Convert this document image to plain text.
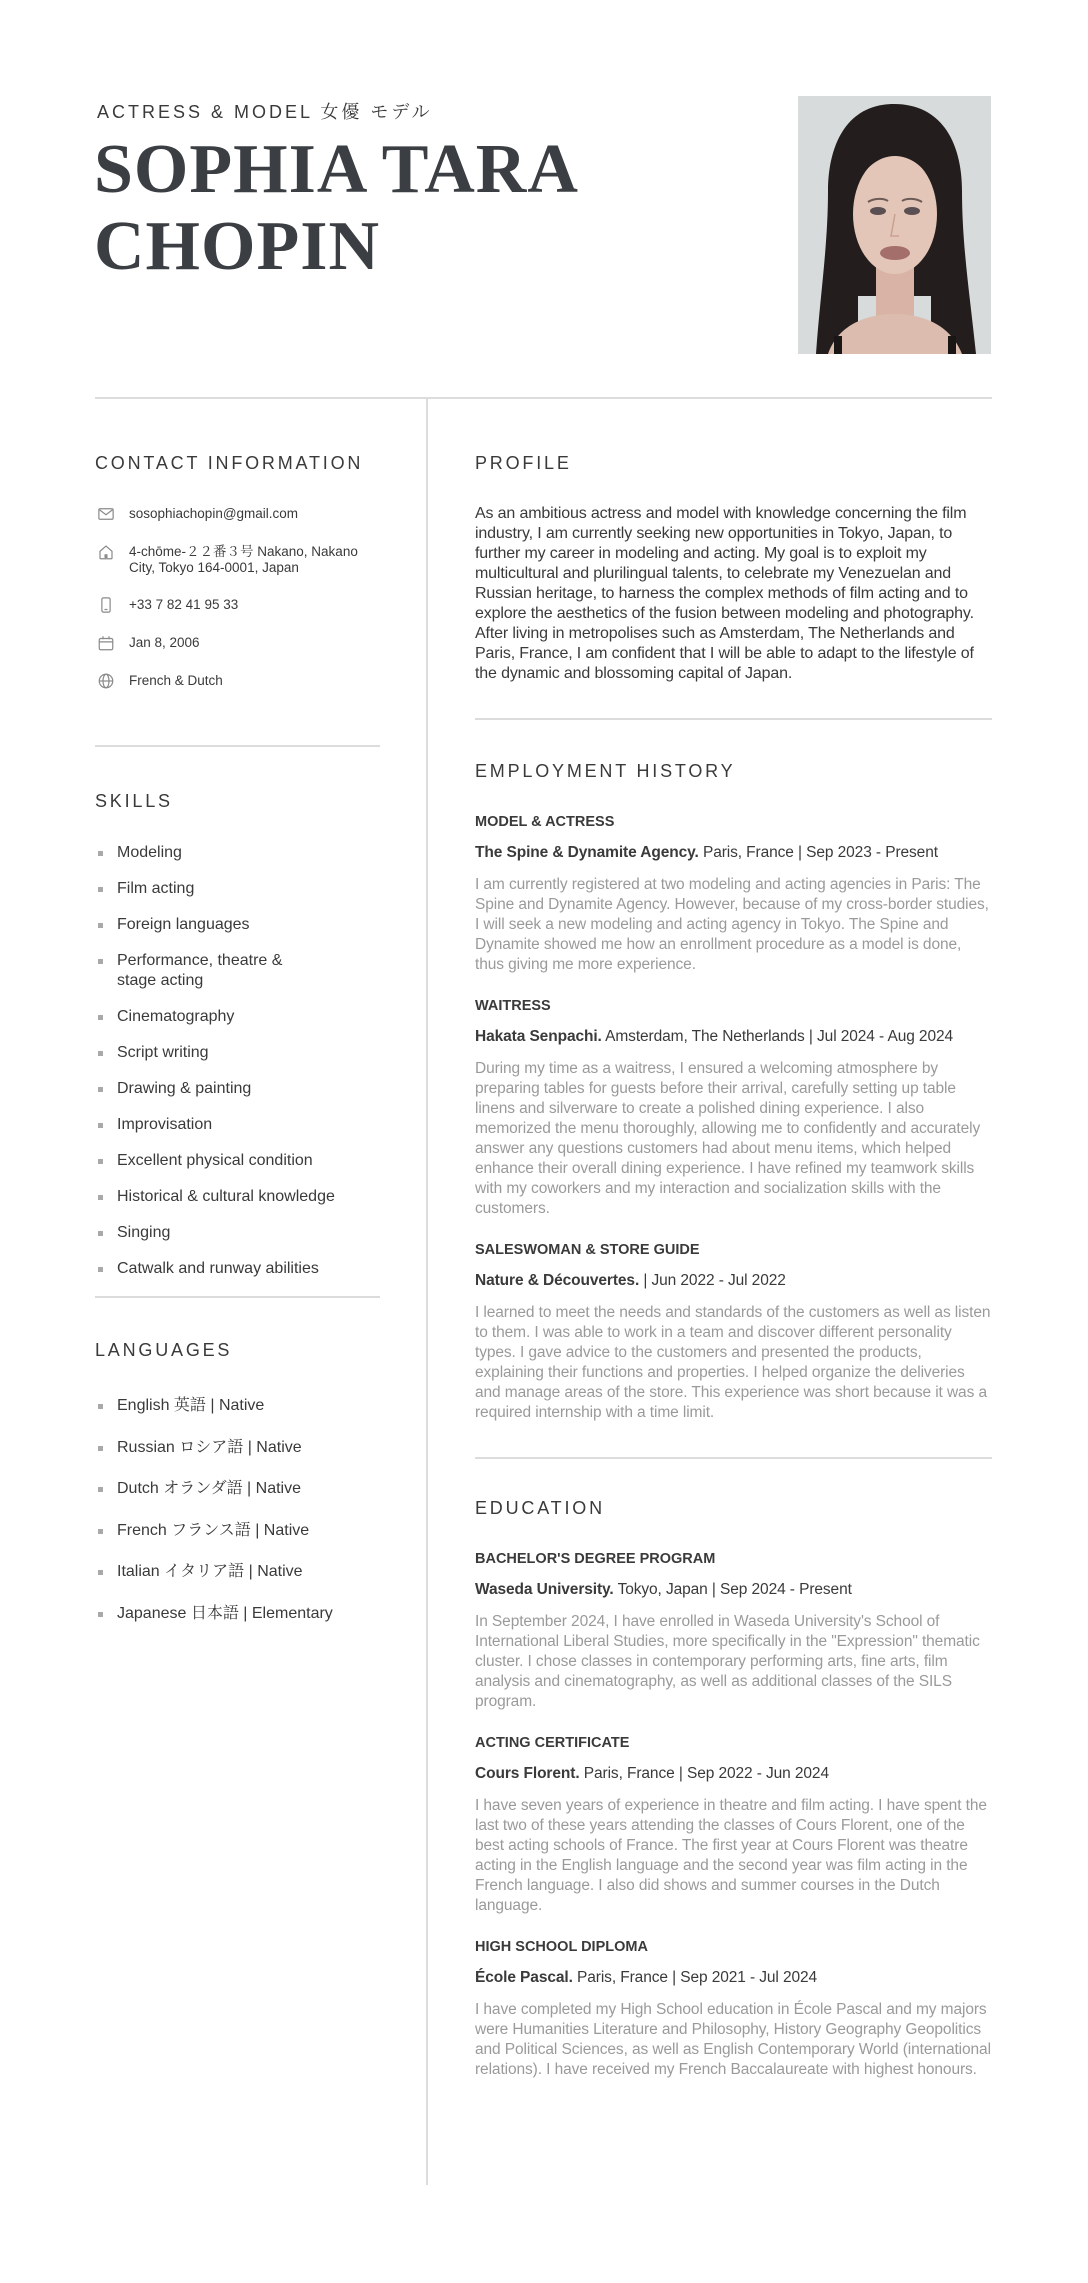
ACTRESS & MODEL 女優 モデル
SOPHIA TARA
CHOPIN
CONTACT INFORMATION
sosophiachopin@gmail.com
4-chōme-２２番３号 Nakano, Nakano City, Tokyo 164-0001, Japan
+33 7 82 41 95 33
Jan 8, 2006
French & Dutch
SKILLS
Modeling
Film acting
Foreign languages
Performance, theatre & stage acting
Cinematography
Script writing
Drawing & painting
Improvisation
Excellent physical condition
Historical & cultural knowledge
Singing
Catwalk and runway abilities
LANGUAGES
English 英語 | Native
Russian ロシア語 | Native
Dutch オランダ語 | Native
French フランス語 | Native
Italian イタリア語 | Native
Japanese 日本語 | Elementary
PROFILE

As an ambitious actress and model with knowledge concerning the film industry, I am currently seeking new opportunities in Tokyo, Japan, to further my career in modeling and acting. My goal is to exploit my multicultural and plurilingual talents, to celebrate my Venezuelan and Russian heritage, to harness the complex methods of film acting and to explore the aesthetics of the fusion between modeling and photography. After living in metropolises such as Amsterdam, The Netherlands and Paris, France, I am confident that I will be able to adapt to the lifestyle of the dynamic and blossoming capital of Japan.

EMPLOYMENT HISTORY
MODEL & ACTRESS

The Spine & Dynamite Agency. Paris, France | Sep 2023 - Present

I am currently registered at two modeling and acting agencies in Paris: The Spine and Dynamite Agency. However, because of my cross-border studies, I will seek a new modeling and acting agency in Tokyo. The Spine and Dynamite showed me how an enrollment procedure as a model is done, thus giving me more experience.

WAITRESS

Hakata Senpachi. Amsterdam, The Netherlands | Jul 2024 - Aug 2024

During my time as a waitress, I ensured a welcoming atmosphere by preparing tables for guests before their arrival, carefully setting up table linens and silverware to create a polished dining experience. I also memorized the menu thoroughly, allowing me to confidently and accurately answer any questions customers had about menu items, which helped enhance their overall dining experience. I have refined my teamwork skills with my coworkers and my interaction and socialization skills with the customers.

SALESWOMAN & STORE GUIDE

Nature & Découvertes. | Jun 2022 - Jul 2022

I learned to meet the needs and standards of the customers as well as listen to them. I was able to work in a team and discover different personality types. I gave advice to the customers and presented the products, explaining their functions and properties. I helped organize the deliveries and manage areas of the store. This experience was short because it was a required internship with a time limit.

EDUCATION
BACHELOR'S DEGREE PROGRAM

Waseda University. Tokyo, Japan | Sep 2024 - Present

In September 2024, I have enrolled in Waseda University's School of International Liberal Studies, more specifically in the "Expression" thematic cluster. I chose classes in contemporary performing arts, fine arts, film analysis and cinematography, as well as additional classes of the SILS program.

ACTING CERTIFICATE

Cours Florent. Paris, France | Sep 2022 - Jun 2024

I have seven years of experience in theatre and film acting. I have spent the last two of these years attending the classes of Cours Florent, one of the best acting schools of France. The first year at Cours Florent was theatre acting in the English language and the second year was film acting in the French language. I also did shows and summer courses in the Dutch language.

HIGH SCHOOL DIPLOMA

École Pascal. Paris, France | Sep 2021 - Jul 2024

I have completed my High School education in École Pascal and my majors were Humanities Literature and Philosophy, History Geography Geopolitics and Political Sciences, as well as English Contemporary World (international relations). I have received my French Baccalaureate with highest honours.
